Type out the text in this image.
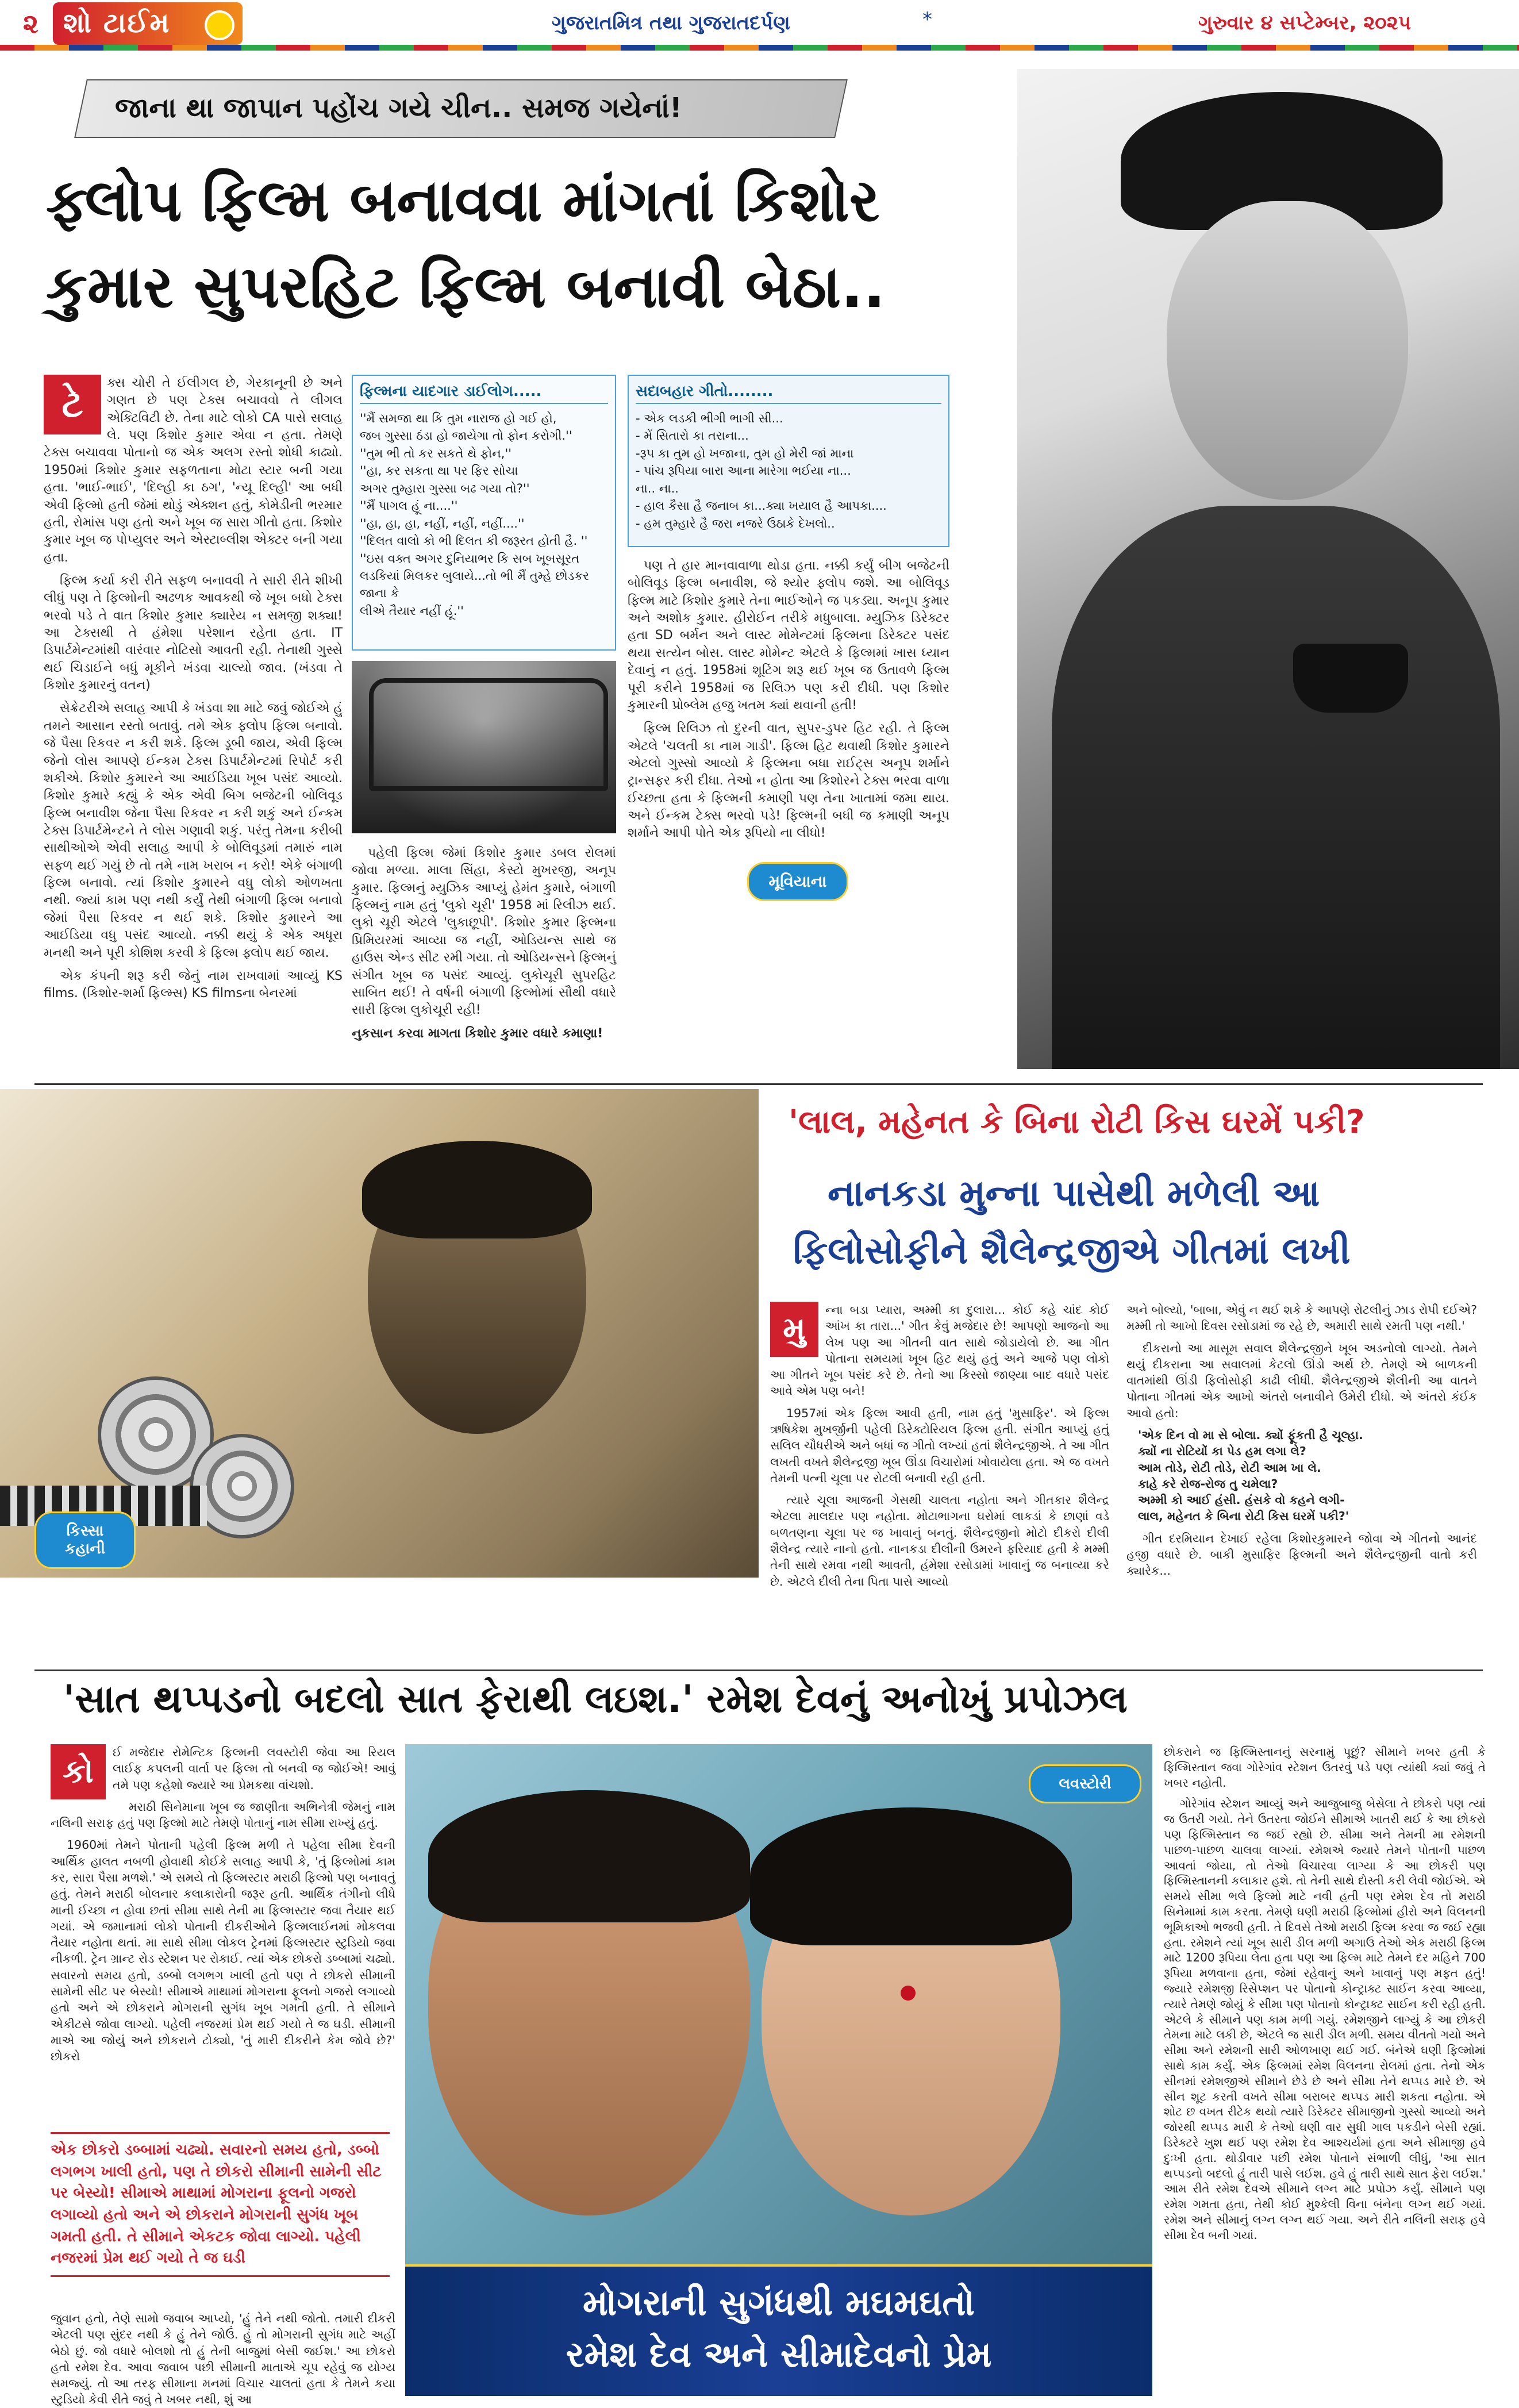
૨ શો ટાઈમ	ગુજરાતમિત્ર તથા ગુજરાતદર્પણ	*	ગુરુવાર ૪ સપ્ટેમ્બર, ૨૦૨૫
જાના થા જાપાન પહોંચ ગયે ચીન.. સમજ ગયેનાં!
ફ્લોપ ફિલ્મ બનાવવા માંગતાં કિશોર
કુમાર સુપરહિટ ફિલ્મ બનાવી બેઠા..
ટે

ક્સ ચોરી તે ઈલીગલ છે, ગેરકાનૂની છે અને ગણત છે પણ ટેક્સ બચાવવો તે લીગલ એક્ટિવિટી છે. તેના માટે લોકો CA પાસે સલાહ લે. પણ કિશોર કુમાર એવા ન હતા. તેમણે ટેક્સ બચાવવા પોતાનો જ એક અલગ રસ્તો શોધી કાઢ્યો. 1950માં કિશોર કુમાર સફળતાના મોટા સ્ટાર બની ગયા હતા. 'ભાઈ-ભાઈ', 'દિલ્હી કા ઠગ', 'ન્યૂ દિલ્હી' આ બધી એવી ફિલ્મો હતી જેમાં થોડું એક્શન હતું, કોમેડીની ભરમાર હતી, રોમાંસ પણ હતો અને ખૂબ જ સારા ગીતો હતા. કિશોર કુમાર ખૂબ જ પોપ્યુલર અને એસ્ટાબ્લીશ એક્ટર બની ગયા હતા.

ફિલ્મ કર્યા કરી રીતે સફળ બનાવવી તે સારી રીતે શીખી લીધું પણ તે ફિલ્મોની અઢળક આવકથી જે ખૂબ બધો ટેક્સ ભરવો પડે તે વાત કિશોર કુમાર ક્યારેય ન સમજી શક્યા! આ ટેક્સથી તે હંમેશા પરેશાન રહેતા હતા. IT ડિપાર્ટમેન્ટમાંથી વારંવાર નોટિસો આવતી રહી. તેનાથી ગુસ્સે થઈ ચિડાઈને બધું મૂકીને ખંડવા ચાલ્યો જાવ. (ખંડવા તે કિશોર કુમારનું વતન)

સેક્રેટરીએ સલાહ આપી કે ખંડવા શા માટે જવું જોઈએ હું તમને આસાન રસ્તો બતાવું. તમે એક ફ્લોપ ફિલ્મ બનાવો. જે પૈસા રિકવર ન કરી શકે. ફિલ્મ ડૂબી જાય, એવી ફિલ્મ જેનો લોસ આપણે ઈન્કમ ટેક્સ ડિપાર્ટમેન્ટમાં રિપોર્ટ કરી શકીએ. કિશોર કુમારને આ આઈડિયા ખૂબ પસંદ આવ્યો. કિશોર કુમારે કહ્યું કે એક એવી બિગ બજેટની બોલિવૂડ ફિલ્મ બનાવીશ જેના પૈસા રિકવર ન કરી શકું અને ઈન્કમ ટેક્સ ડિપાર્ટમેન્ટને તે લોસ ગણાવી શકું. પરંતુ તેમના કરીબી સાથીઓએ એવી સલાહ આપી કે બોલિવૂડમાં તમારું નામ સફળ થઈ ગયું છે તો તમે નામ ખરાબ ન કરો! એકે બંગાળી ફિલ્મ બનાવો. ત્યાં કિશોર કુમારને વધુ લોકો ઓળખતા નથી. જ્યાં કામ પણ નથી કર્યું તેથી બંગાળી ફિલ્મ બનાવો જેમાં પૈસા રિકવર ન થઈ શકે. કિશોર કુમારને આ આઈડિયા વધુ પસંદ આવ્યો. નક્કી થયું કે એક અધૂરા મનથી અને પૂરી કોશિશ કરવી કે ફિલ્મ ફ્લોપ થઈ જાય.

એક કંપની શરૂ કરી જેનું નામ રાખવામાં આવ્યું KS films. (કિશોર-શર્મા ફિલ્મ્સ) KS filmsના બેનરમાં

ફિલ્મના યાદગાર ડાઈલોગ.....

''મૈં સમજા થા કિ તુમ નારાજ હો ગઈ હો,

જબ ગુસ્સા ઠંડા હો જાયેગા તો ફોન કરોગી.''

''તુમ ભી તો કર સકતે થે ફોન,''

''હા, કર સકતા થા પર ફિર સોચા

અગર તુમ્હારા ગુસ્સા બઢ ગયા તો?''

''મૈં પાગલ હૂં ના....''

''હા, હા, હા, નહીં, નહીં, નહીં....''

''દિલત વાલો કો ભી દિલત કી જરૂરત હોતી હૈ. ''

''ઇસ વક્ત અગર દુનિયાભર કિ સબ ખૂબસૂરત

લડકિયાં મિલકર બુલાયે...તો ભી મૈં તુમ્હે છોડકર જાના કે

લીએ તૈયાર નહીં હૂં.''

પહેલી ફિલ્મ જેમાં કિશોર કુમાર ડબલ રોલમાં જોવા મળ્યા. માલા સિંહા, કેસ્ટો મુખરજી, અનૂપ કુમાર. ફિલ્મનું મ્યુઝિક આપ્યું હેમંત કુમારે, બંગાળી ફિલ્મનું નામ હતું 'લુકો ચૂરી' 1958 માં રિલીઝ થઈ. લુકો ચૂરી એટલે 'લુકાછૂપી'. કિશોર કુમાર ફિલ્મના પ્રિમિયરમાં આવ્યા જ નહીં, ઓડિયન્સ સાથે જ હાઉસ એન્ડ સીટ રમી ગયા. તો ઓડિયન્સને ફિલ્મનું સંગીત ખૂબ જ પસંદ આવ્યું. લુકોચૂરી સુપરહિટ સાબિત થઈ! તે વર્ષની બંગાળી ફિલ્મોમાં સૌથી વધારે સારી ફિલ્મ લુકોચૂરી રહી!

નુકસાન કરવા માગતા કિશોર કુમાર વધારે કમાણા!

સદાબહાર ગીતો........

- એક લડકી ભીગી ભાગી સી...

- મેં સિતારો કા તરાના...

-રૂપ કા તુમ હો ખજાના, તુમ હો મેરી જાં માના

- પાંચ રૂપિયા બારા આના મારેગા ભઈયા ના...

ના.. ના..

- હાલ કૈસા હૈ જનાબ કા...ક્યા ખયાલ હૈ આપકા....

- હમ તુમ્હારે હૈ જરા નજરે ઉઠાકે દેખલો..

પણ તે હાર માનવાવાળા થોડા હતા. નક્કી કર્યું બીગ બજેટની બોલિવૂડ ફિલ્મ બનાવીશ, જે શ્યોર ફ્લોપ જશે. આ બોલિવૂડ ફિલ્મ માટે કિશોર કુમારે તેના ભાઈઓને જ પકડ્યા. અનૂપ કુમાર અને અશોક કુમાર. હીરોઈન તરીકે મધુબાલા. મ્યુઝિક ડિરેક્ટર હતા SD બર્મન અને લાસ્ટ મોમેન્ટમાં ફિલ્મના ડિરેક્ટર પસંદ થયા સત્યેન બોસ. લાસ્ટ મોમેન્ટ એટલે કે ફિલ્મમાં ખાસ ધ્યાન દેવાનું ન હતું. 1958માં શૂટિંગ શરૂ થઈ ખૂબ જ ઉતાવળે ફિલ્મ પૂરી કરીને 1958માં જ રિલિઝ પણ કરી દીધી. પણ કિશોર કુમારની પ્રોબ્લેમ હજુ ખતમ ક્યાં થવાની હતી!

ફિલ્મ રિલિઝ તો દુરની વાત, સુપર-ડુપર હિટ રહી. તે ફિલ્મ એટલે 'ચલતી કા નામ ગાડી'. ફિલ્મ હિટ થવાથી કિશોર કુમારને એટલો ગુસ્સો આવ્યો કે ફિલ્મના બધા રાઈટ્સ અનૂપ શર્માને ટ્રાન્સફર કરી દીધા. તેઓ ન હોતા આ કિશોરને ટેક્સ ભરવા વાળા ઈચ્છતા હતા કે ફિલ્મની કમાણી પણ તેના ખાતામાં જમા થાય. અને ઈન્કમ ટેક્સ ભરવો પડે! ફિલ્મની બધી જ કમાણી અનૂપ શર્માને આપી પોતે એક રૂપિયો ના લીધો!

મૂવિયાના
કિસ્સા
કહાની
'લાલ, મહેનત કે બિના રોટી કિસ ઘરમેં પકી?
નાનકડા મુન્ના પાસેથી મળેલી આ
ફિલોસોફીને શૈલેન્દ્રજીએ ગીતમાં લખી
મુ

ન્ના બડા પ્યારા, અમ્મી કા દુલારા... કોઈ કહે ચાંદ કોઈ આંખ કા તારા...' ગીત કેવું મજેદાર છે! આપણો આજનો આ લેખ પણ આ ગીતની વાત સાથે જોડાયેલો છે. આ ગીત પોતાના સમયમાં ખૂબ હિટ થયું હતું અને આજે પણ લોકો આ ગીતને ખૂબ પસંદ કરે છે. તેનો આ કિસ્સો જાણ્યા બાદ વધારે પસંદ આવે એમ પણ બને!

1957માં એક ફિલ્મ આવી હતી, નામ હતું 'મુસાફિર'. એ ફિલ્મ ઋષિકેશ મુખર્જીની પહેલી ડિરેક્ટોરિયલ ફિલ્મ હતી. સંગીત આપ્યું હતું સલિલ ચૌધરીએ અને બધાં જ ગીતો લખ્યાં હતાં શૈલેન્દ્રજીએ. તે આ ગીત લખતી વખતે શૈલેન્દ્રજી ખૂબ ઊંડા વિચારોમાં ખોવાયેલા હતા. એ જ વખતે તેમની પત્ની ચૂલા પર રોટલી બનાવી રહી હતી.

ત્યારે ચૂલા આજની ગેસથી ચાલતા નહોતા અને ગીતકાર શૈલેન્દ્ર એટલા માલદાર પણ નહોતા. મોટાભાગના ઘરોમાં લાકડાં કે છાણાં વડે બળતણના ચૂલા પર જ ખાવાનું બનતું. શૈલેન્દ્રજીનો મોટો દીકરો દીલી શૈલેન્દ્ર ત્યારે નાનો હતો. નાનકડા દીલીની ઉમરને ફરિયાદ હતી કે મમ્મી તેની સાથે રમવા નથી આવતી, હંમેશા રસોડામાં ખાવાનું જ બનાવ્યા કરે છે. એટલે દીલી તેના પિતા પાસે આવ્યો

અને બોલ્યો, 'બાબા, એવું ન થઈ શકે કે આપણે રોટલીનું ઝાડ રોપી દઈએ? મમ્મી તો આખો દિવસ રસોડામાં જ રહે છે, અમારી સાથે રમતી પણ નથી.'

દીકરાનો આ માસૂમ સવાલ શૈલેન્દ્રજીને ખૂબ અડનોલો લાગ્યો. તેમને થયું દીકરાના આ સવાલમાં કેટલો ઊંડો અર્થ છે. તેમણે એ બાળકની વાતમાંથી ઊંડી ફિલોસોફી કાઢી લીધી. શૈલેન્દ્રજીએ શૈલીની આ વાતને પોતાના ગીતમાં એક આખો અંતરો બનાવીને ઉમેરી દીધો. એ અંતરો કંઈક આવો હતો:

'એક દિન વો મા સે બોલા. ક્યોં ફૂંકતી હૈ ચૂલ્હા.
ક્યોં ના રોટિયોં કા પેડ હમ લગા લે?
આમ તોડે, રોટી તોડે, રોટી આમ ખા લે.
કાહે કરે રોજ-રોજ તુ ચમેલા?
અમ્મી કો આઈ હંસી. હંસકે વો કહને લગી-
લાલ, મહેનત કે બિના રોટી કિસ ઘરમેં પકી?'

ગીત દરમિયાન દેખાઈ રહેલા કિશોરકુમારને જોવા એ ગીતનો આનંદ હજી વધારે છે. બાકી મુસાફિર ફિલ્મની અને શૈલેન્દ્રજીની વાતો કરી ક્યારેક...

'સાત થપ્પડનો બદલો સાત ફેરાથી લઇશ.' રમેશ દેવનું અનોખું પ્રપોઝલ
કો

ઈ મજેદાર રોમેન્ટિક ફિલ્મની લવસ્ટોરી જેવા આ રિયલ લાઈફ કપલની વાર્તા પર ફિલ્મ તો બનવી જ જોઈએ! આવું તમે પણ કહેશો જ્યારે આ પ્રેમકથા વાંચશો.

મરાઠી સિનેમાના ખૂબ જ જાણીતા અભિનેત્રી જેમનું નામ નલિની સરાફ હતું પણ ફિલ્મો માટે તેમણે પોતાનું નામ સીમા રાખ્યું હતું.

1960માં તેમને પોતાની પહેલી ફિલ્મ મળી તે પહેલા સીમા દેવની આર્થિક હાલત નબળી હોવાથી કોઈકે સલાહ આપી કે, 'તું ફિલ્મોમાં કામ કર, સારા પૈસા મળશે.' એ સમયે તો ફિલ્મસ્ટાર મરાઠી ફિલ્મો પણ બનાવતું હતું. તેમને મરાઠી બોલનાર કલાકારોની જરૂર હતી. આર્થિક તંગીનો લીધે માની ઈચ્છા ન હોવા છતાં સીમા સાથે તેની મા ફિલ્મસ્ટાર જવા તૈયાર થઈ ગયાં. એ જમાનામાં લોકો પોતાની દીકરીઓને ફિલ્મલાઈનમાં મોકલવા તૈયાર નહોતા થતાં. મા સાથે સીમા લોકલ ટ્રેનમાં ફિલ્મસ્ટાર સ્ટુડિયો જવા નીકળી. ટ્રેન ગ્રાન્ટ રોડ સ્ટેશન પર રોકાઈ. ત્યાં એક છોકરો ડબ્બામાં ચઢ્યો. સવારનો સમય હતો, ડબ્બો લગભગ ખાલી હતો પણ તે છોકરો સીમાની સામેની સીટ પર બેસ્યો! સીમાએ માથામાં મોગરાના ફૂલનો ગજરો લગાવ્યો હતો અને એ છોકરાને મોગરાની સુગંધ ખૂબ ગમતી હતી. તે સીમાને એકીટસે જોવા લાગ્યો. પહેલી નજરમાં પ્રેમ થઈ ગયો તે જ ઘડી. સીમાની માએ આ જોયું અને છોકરાને ટોક્યો, 'તું મારી દીકરીને કેમ જોવે છે?' છોકરો

એક છોકરો ડબ્બામાં ચઢ્યો. સવારનો સમય હતો, ડબ્બો લગભગ ખાલી હતો, પણ તે છોકરો સીમાની સામેની સીટ પર બેસ્યો! સીમાએ માથામાં મોગરાના ફૂલનો ગજરો લગાવ્યો હતો અને એ છોકરાને મોગરાની સુગંધ ખૂબ ગમતી હતી. તે સીમાને એકટક જોવા લાગ્યો. પહેલી નજરમાં પ્રેમ થઈ ગયો તે જ ઘડી

જુવાન હતો, તેણે સામો જવાબ આપ્યો, 'હું તેને નથી જોતો. તમારી દીકરી એટલી પણ સુંદર નથી કે હું તેને જોઉં. હું તો મોગરાની સુગંધ માટે અહીં બેઠો છું. જો વધારે બોલશો તો હું તેની બાજુમાં બેસી જઈશ.' આ છોકરો હતો રમેશ દેવ. આવા જવાબ પછી સીમાની માતાએ ચૂપ રહેવું જ યોગ્ય સમજ્યું. તો આ તરફ સીમાના મનમાં વિચાર ચાલતાં હતા કે તેમને કયા સ્ટુડિયો કેવી રીતે જવું તે ખબર નથી, શું આ

લવસ્ટોરી
મોગરાની સુગંધથી મઘમઘતો
રમેશ દેવ અને સીમાદેવનો પ્રેમ

છોકરાને જ ફિલ્મિસ્તાનનું સરનામું પૂછું? સીમાને ખબર હતી કે ફિલ્મિસ્તાન જવા ગોરેગાંવ સ્ટેશન ઉતરવું પડે પણ ત્યાંથી ક્યાં જવું તે ખબર નહોતી.

ગોરેગાંવ સ્ટેશન આવ્યું અને આજુબાજુ બેસેલા તે છોકરો પણ ત્યાં જ ઉતરી ગયો. તેને ઉતરતા જોઈને સીમાએ ખાતરી થઈ કે આ છોકરો પણ ફિલ્મિસ્તાન જ જઈ રહ્યો છે. સીમા અને તેમની મા રમેશની પાછળ-પાછળ ચાલવા લાગ્યાં. રમેશએ જ્યારે તેમને પોતાની પાછળ આવતાં જોયા, તો તેઓ વિચારવા લાગ્યા કે આ છોકરી પણ ફિલ્મિસ્તાનની કલાકાર હશે. તો તેની સાથે દોસ્તી કરી લેવી જોઈએ. એ સમયે સીમા ભલે ફિલ્મો માટે નવી હતી પણ રમેશ દેવ તો મરાઠી સિનેમામાં કામ કરતા. તેમણે ઘણી મરાઠી ફિલ્મોમાં હીરો અને વિલનની ભૂમિકાઓ ભજવી હતી. તે દિવસે તેઓ મરાઠી ફિલ્મ કરવા જ જઈ રહ્યા હતા. રમેશને ત્યાં ખૂબ સારી ડીલ મળી અગાઉ તેઓ એક મરાઠી ફિલ્મ માટે 1200 રૂપિયા લેતા હતા પણ આ ફિલ્મ માટે તેમને દર મહિને 700 રૂપિયા મળવાના હતા, જેમાં રહેવાનું અને ખાવાનું પણ મફત હતું! જ્યારે રમેશજી રિસેપ્શન પર પોતાનો કોન્ટ્રાક્ટ સાઈન કરવા આવ્યા, ત્યારે તેમણે જોયું કે સીમા પણ પોતાનો કોન્ટ્રાક્ટ સાઈન કરી રહી હતી. એટલે કે સીમાને પણ કામ મળી ગયું. રમેશજીને લાગ્યું કે આ છોકરી તેમના માટે લકી છે, એટલે જ સારી ડીલ મળી. સમય વીતતો ગયો અને સીમા અને રમેશની સારી ઓળખાણ થઈ ગઈ. બંનેએ ઘણી ફિલ્મોમાં સાથે કામ કર્યું. એક ફિલ્મમાં રમેશ વિલનના રોલમાં હતા. તેનો એક સીનમાં રમેશજીએ સીમાને છેડે છે અને સીમા તેને થપ્પડ મારે છે. એ સીન શૂટ કરતી વખતે સીમા બરાબર થપ્પડ મારી શકતા નહોતા. એ શોટ છ વખત રીટેક થયો ત્યારે ડિરેક્ટર સીમાજીનો ગુસ્સો આવ્યો અને જોરથી થપ્પડ મારી કે તેઓ ઘણી વાર સુધી ગાલ પકડીને બેસી રહ્યાં. ડિરેક્ટરે ખુશ થઈ પણ રમેશ દેવ આશ્ચર્યમાં હતા અને સીમાજી હવે દુઃખી હતા. થોડીવાર પછી રમેશ પોતાને સંભાળી લીધું, 'આ સાત થપ્પડનો બદલો હું તારી પાસે લઈશ. હવે હું તારી સાથે સાત ફેરા લઈશ.' આમ રીતે રમેશ દેવએ સીમાને લગ્ન માટે પ્રપોઝ કર્યું. સીમાને પણ રમેશ ગમતા હતા, તેથી કોઈ મુશ્કેલી વિના બંનેના લગ્ન થઈ ગયાં. રમેશ અને સીમાનું લગ્ન લગ્ન થઈ ગયા. અને રીતે નલિની સરાફ હવે સીમા દેવ બની ગયાં.
